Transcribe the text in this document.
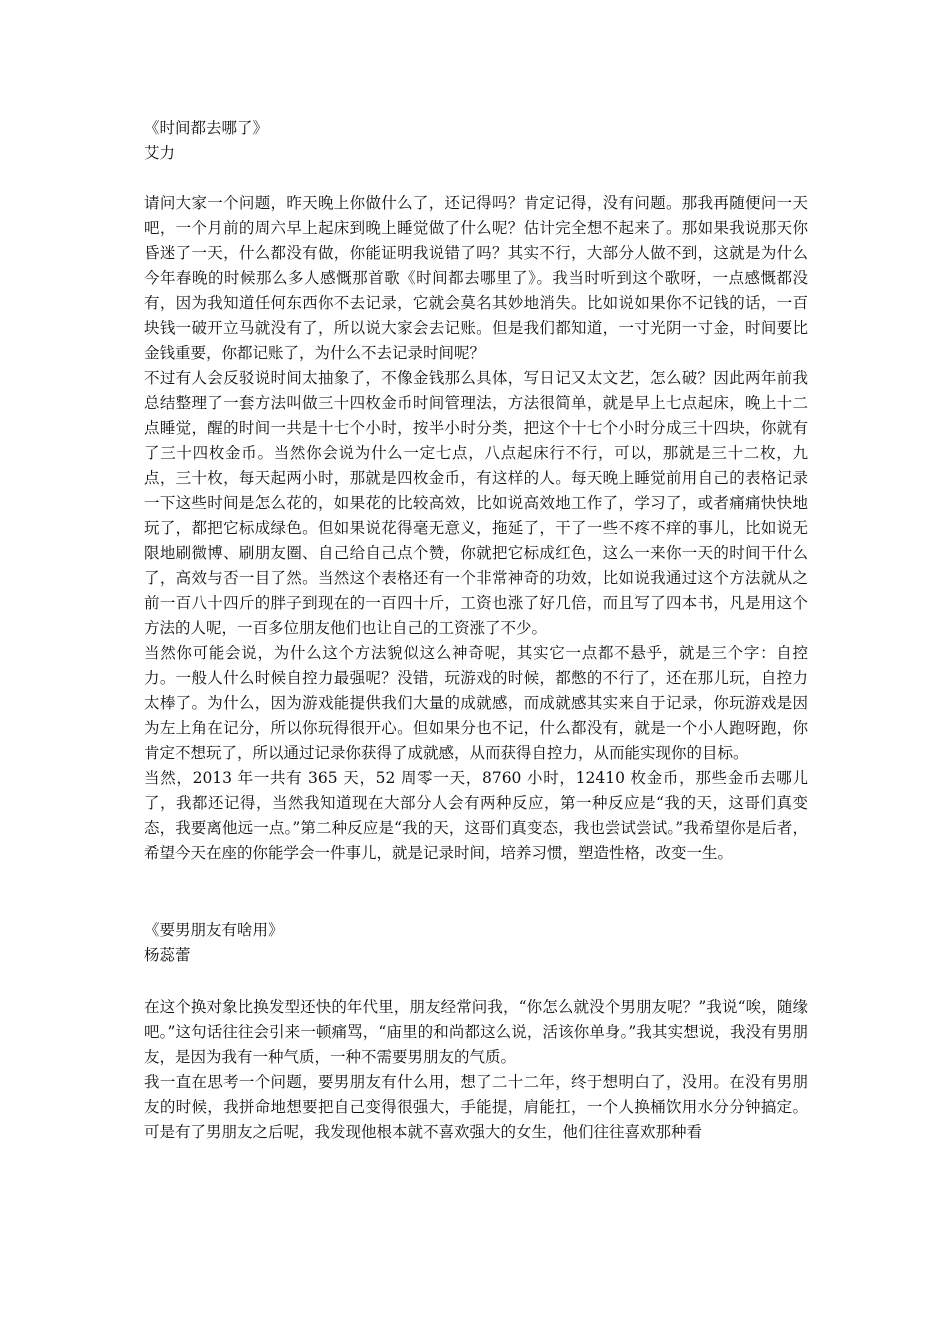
《时间都去哪了》
艾力

请问大家一个问题，昨天晚上你做什么了，还记得吗？肯定记得，没有问题。那我再随便问一天吧，一个月前的周六早上起床到晚上睡觉做了什么呢？估计完全想不起来了。那如果我说那天你昏迷了一天，什么都没有做，你能证明我说错了吗？其实不行，大部分人做不到，这就是为什么今年春晚的时候那么多人感慨那首歌《时间都去哪里了》。我当时听到这个歌呀，一点感慨都没有，因为我知道任何东西你不去记录，它就会莫名其妙地消失。比如说如果你不记钱的话，一百块钱一破开立马就没有了，所以说大家会去记账。但是我们都知道，一寸光阴一寸金，时间要比金钱重要，你都记账了，为什么不去记录时间呢？

不过有人会反驳说时间太抽象了，不像金钱那么具体，写日记又太文艺，怎么破？因此两年前我总结整理了一套方法叫做三十四枚金币时间管理法，方法很简单，就是早上七点起床，晚上十二点睡觉，醒的时间一共是十七个小时，按半小时分类，把这个十七个小时分成三十四块，你就有了三十四枚金币。当然你会说为什么一定七点，八点起床行不行，可以，那就是三十二枚，九点，三十枚，每天起两小时，那就是四枚金币，有这样的人。每天晚上睡觉前用自己的表格记录一下这些时间是怎么花的，如果花的比较高效，比如说高效地工作了，学习了，或者痛痛快快地玩了，都把它标成绿色。但如果说花得毫无意义，拖延了，干了一些不疼不痒的事儿，比如说无限地刷微博、刷朋友圈、自己给自己点个赞，你就把它标成红色，这么一来你一天的时间干什么了，高效与否一目了然。当然这个表格还有一个非常神奇的功效，比如说我通过这个方法就从之前一百八十四斤的胖子到现在的一百四十斤，工资也涨了好几倍，而且写了四本书，凡是用这个方法的人呢，一百多位朋友他们也让自己的工资涨了不少。

当然你可能会说，为什么这个方法貌似这么神奇呢，其实它一点都不悬乎，就是三个字：自控力。一般人什么时候自控力最强呢？没错，玩游戏的时候，都憋的不行了，还在那儿玩，自控力太棒了。为什么，因为游戏能提供我们大量的成就感，而成就感其实来自于记录，你玩游戏是因为左上角在记分，所以你玩得很开心。但如果分也不记，什么都没有，就是一个小人跑呀跑，你肯定不想玩了，所以通过记录你获得了成就感，从而获得自控力，从而能实现你的目标。

当然，2013 年一共有 365 天，52 周零一天，8760 小时，12410 枚金币，那些金币去哪儿了，我都还记得，当然我知道现在大部分人会有两种反应，第一种反应是“我的天，这哥们真变态，我要离他远一点。”第二种反应是“我的天，这哥们真变态，我也尝试尝试。”我希望你是后者，希望今天在座的你能学会一件事儿，就是记录时间，培养习惯，塑造性格，改变一生。

《要男朋友有啥用》
杨蕊蕾

在这个换对象比换发型还快的年代里，朋友经常问我，“你怎么就没个男朋友呢？”我说“唉，随缘吧。”这句话往往会引来一顿痛骂，“庙里的和尚都这么说，活该你单身。”我其实想说，我没有男朋友，是因为我有一种气质，一种不需要男朋友的气质。

我一直在思考一个问题，要男朋友有什么用，想了二十二年，终于想明白了，没用。在没有男朋友的时候，我拼命地想要把自己变得很强大，手能提，肩能扛，一个人换桶饮用水分分钟搞定。可是有了男朋友之后呢，我发现他根本就不喜欢强大的女生，他们往往喜欢那种看
